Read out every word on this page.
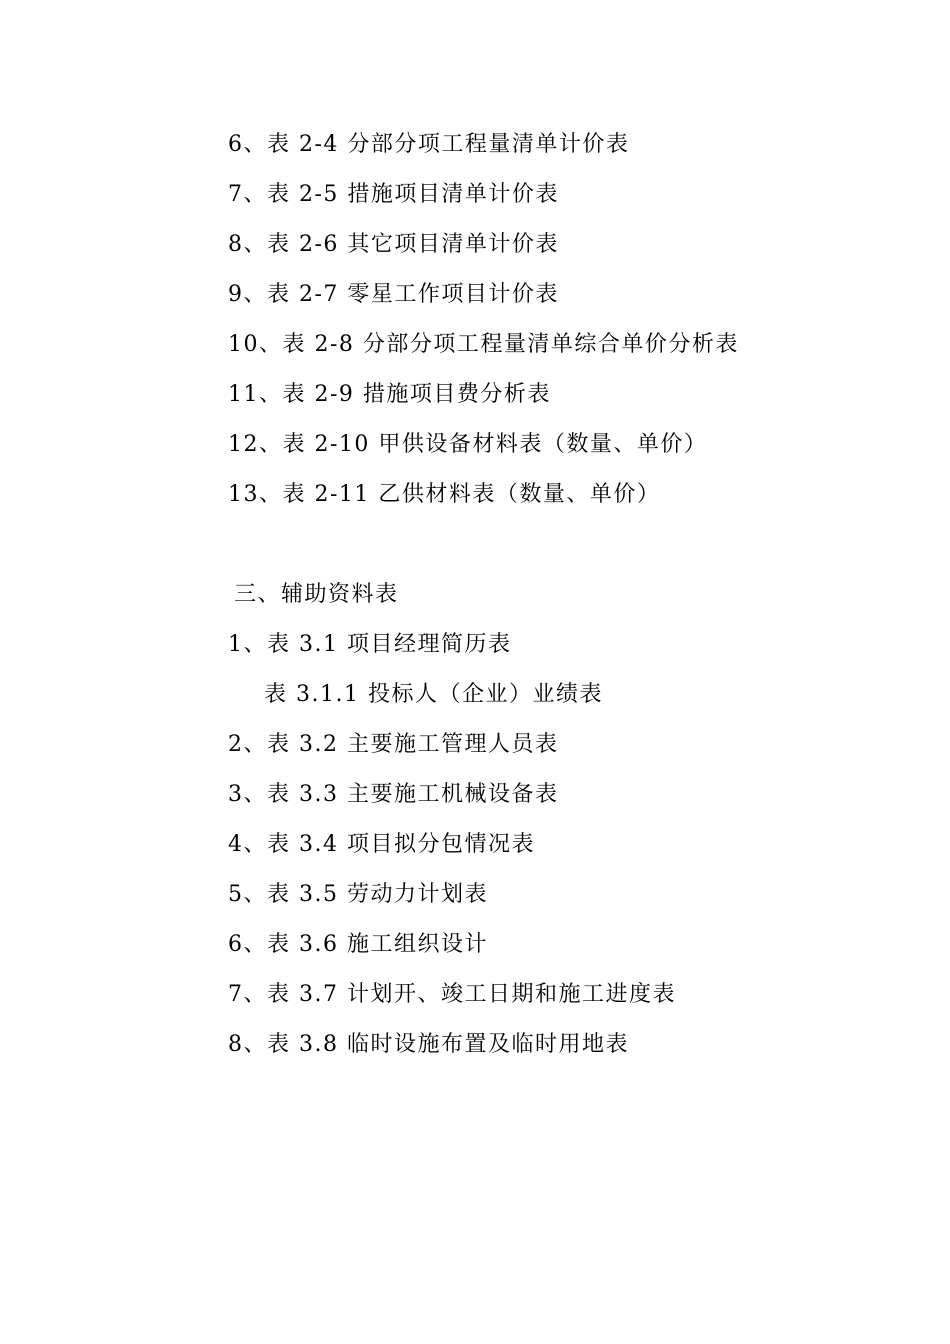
6、表 2-4 分部分项工程量清单计价表
7、表 2-5 措施项目清单计价表
8、表 2-6 其它项目清单计价表
9、表 2-7 零星工作项目计价表
10、表 2-8 分部分项工程量清单综合单价分析表
11、表 2-9 措施项目费分析表
12、表 2-10 甲供设备材料表（数量、单价）
13、表 2-11 乙供材料表（数量、单价）
三、辅助资料表
1、表 3.1 项目经理简历表
表 3.1.1 投标人（企业）业绩表
2、表 3.2 主要施工管理人员表
3、表 3.3 主要施工机械设备表
4、表 3.4 项目拟分包情况表
5、表 3.5 劳动力计划表
6、表 3.6 施工组织设计
7、表 3.7 计划开、竣工日期和施工进度表
8、表 3.8 临时设施布置及临时用地表
